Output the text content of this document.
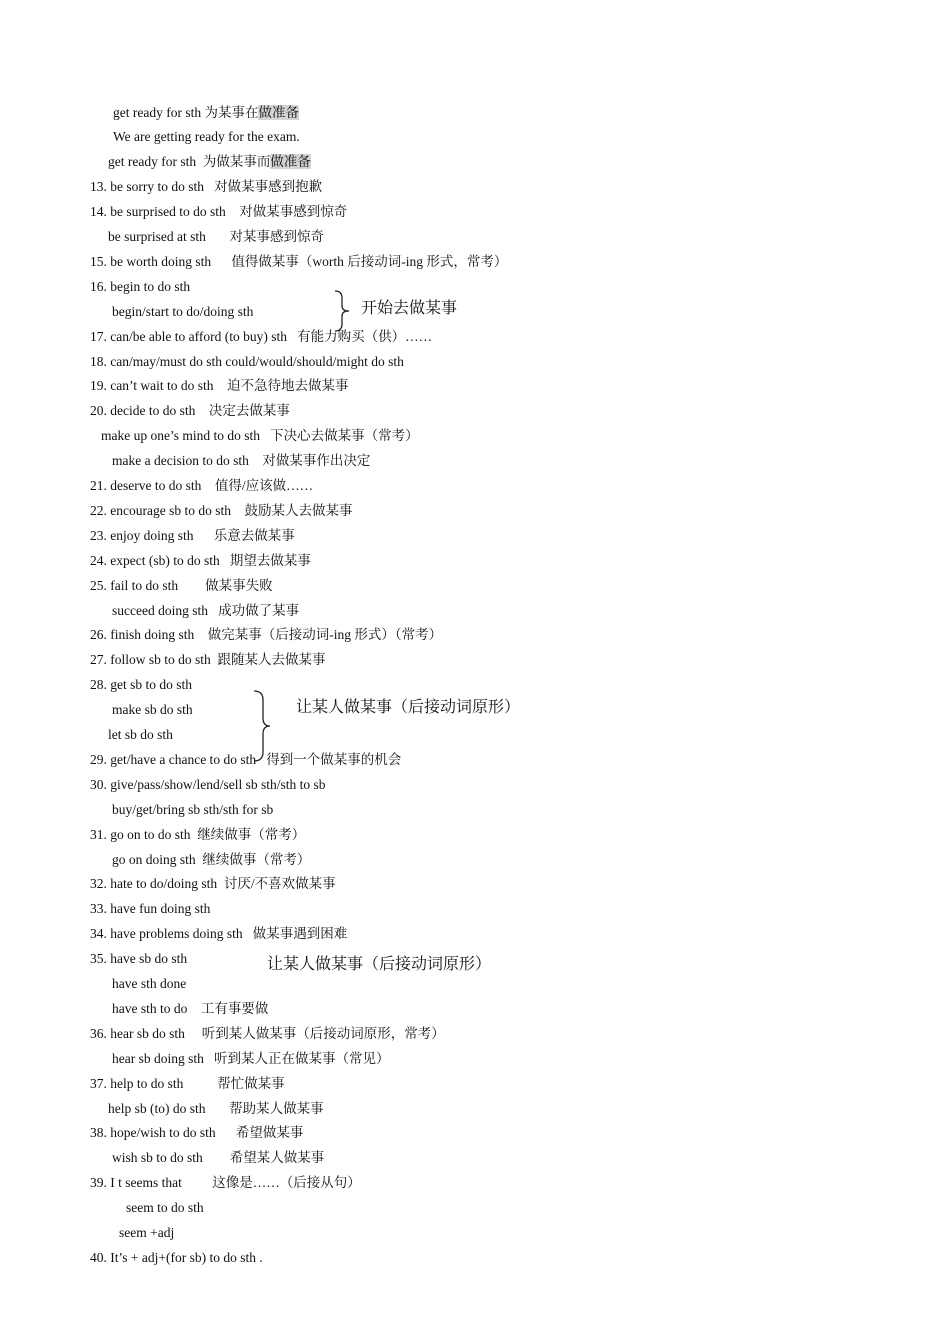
get ready for sth 为某事在做准备
We are getting ready for the exam.
get ready for sth  为做某事而做准备
13. be sorry to do sth   对做某事感到抱歉
14. be surprised to do sth    对做某事感到惊奇
be surprised at sth       对某事感到惊奇
15. be worth doing sth      值得做某事（worth 后接动词-ing 形式，常考）
16. begin to do sth
begin/start to do/doing sth
17. can/be able to afford (to buy) sth   有能力购买（供）……
18. can/may/must do sth could/would/should/might do sth
19. can’t wait to do sth    迫不急待地去做某事
20. decide to do sth    决定去做某事
make up one’s mind to do sth   下决心去做某事（常考）
make a decision to do sth    对做某事作出决定
21. deserve to do sth    值得/应该做……
22. encourage sb to do sth    鼓励某人去做某事
23. enjoy doing sth      乐意去做某事
24. expect (sb) to do sth   期望去做某事
25. fail to do sth        做某事失败
succeed doing sth   成功做了某事
26. finish doing sth    做完某事（后接动词-ing 形式）（常考）
27. follow sb to do sth  跟随某人去做某事
28. get sb to do sth
make sb do sth
let sb do sth
29. get/have a chance to do sth   得到一个做某事的机会
30. give/pass/show/lend/sell sb sth/sth to sb
buy/get/bring sb sth/sth for sb
31. go on to do sth  继续做事（常考）
go on doing sth  继续做事（常考）
32. hate to do/doing sth  讨厌/不喜欢做某事
33. have fun doing sth
34. have problems doing sth   做某事遇到困难
35. have sb do sth
have sth done
have sth to do    工有事要做
36. hear sb do sth     听到某人做某事（后接动词原形，常考）
hear sb doing sth   听到某人正在做某事（常见）
37. help to do sth          帮忙做某事
help sb (to) do sth       帮助某人做某事
38. hope/wish to do sth      希望做某事
wish sb to do sth        希望某人做某事
39. I t seems that         这像是……（后接从句）
seem to do sth
seem +adj
40. It’s + adj+(for sb) to do sth .
开始去做某事
让某人做某事（后接动词原形）
让某人做某事（后接动词原形）
